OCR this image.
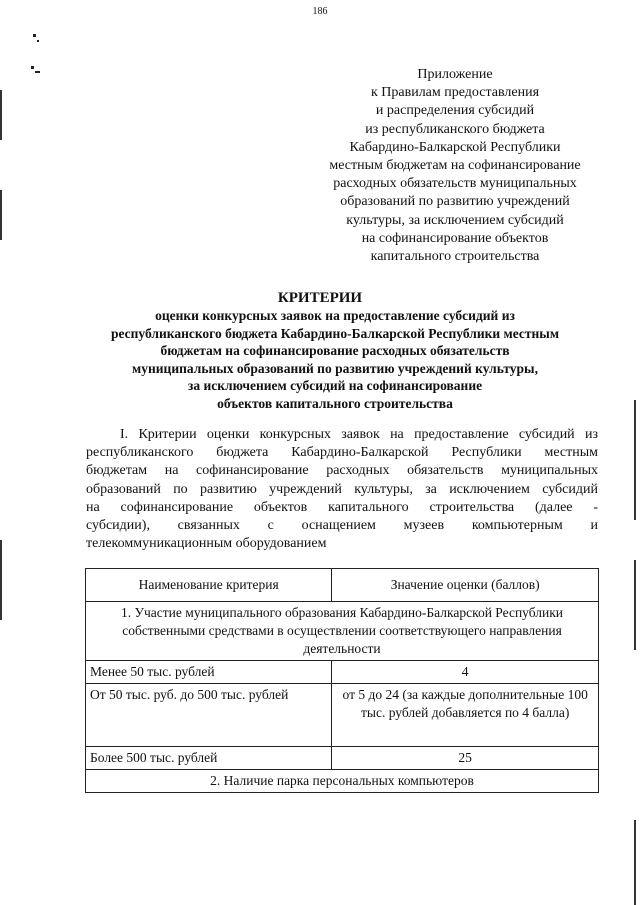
186
Приложение
к Правилам предоставления
и распределения субсидий
из республиканского бюджета
Кабардино-Балкарской Республики
местным бюджетам на софинансирование
расходных обязательств муниципальных
образований по развитию учреждений
культуры, за исключением субсидий
на софинансирование объектов
капитального строительства
КРИТЕРИИ
оценки конкурсных заявок на предоставление субсидий из
республиканского бюджета Кабардино-Балкарской Республики местным
бюджетам на софинансирование расходных обязательств
муниципальных образований по развитию учреждений культуры,
за исключением субсидий на софинансирование
объектов капитального строительства
I. Критерии оценки конкурсных заявок на предоставление субсидий из
республиканского бюджета Кабардино-Балкарской Республики местным
бюджетам на софинансирование расходных обязательств муниципальных
образований по развитию учреждений культуры, за исключением субсидий
на софинансирование объектов капитального строительства (далее -
субсидии), связанных с оснащением музеев компьютерным и
телекоммуникационным оборудованием
Наименование критерия	Значение оценки (баллов)
1. Участие муниципального образования Кабардино-Балкарской Республики собственными средствами в осуществлении соответствующего направления деятельности	
Менее 50 тыс. рублей	4
От 50 тыс. руб. до 500 тыс. рублей	от 5 до 24 (за каждые дополнительные 100 тыс. рублей добавляется по 4 балла)
Более 500 тыс. рублей	25
2. Наличие парка персональных компьютеров	
